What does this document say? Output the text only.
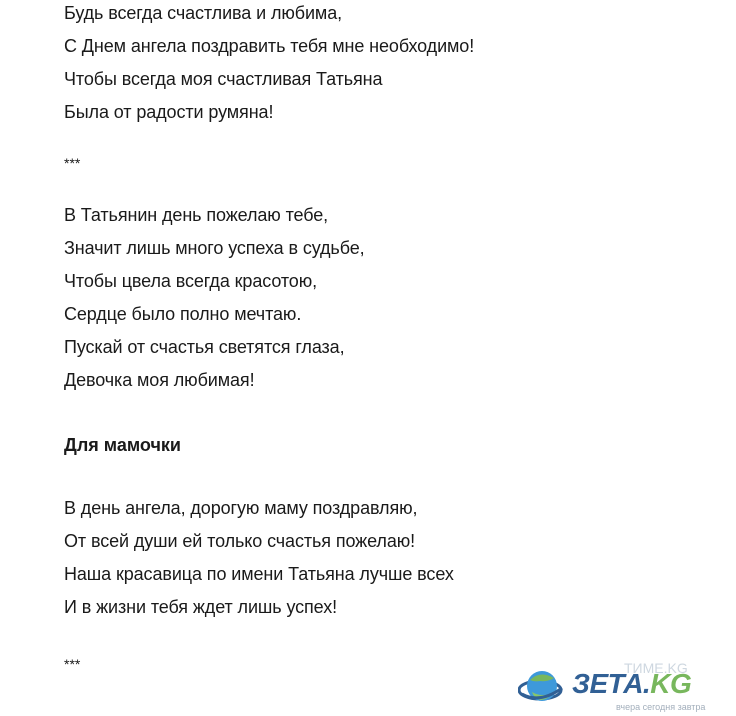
Будь всегда счастлива и любима,
С Днем ангела поздравить тебя мне необходимо!
Чтобы всегда моя счастливая Татьяна
Была от радости румяна!
***
В Татьянин день пожелаю тебе,
Значит лишь много успеха в судьбе,
Чтобы цвела всегда красотою,
Сердце было полно мечтаю.
Пускай от счастья светятся глаза,
Девочка моя любимая!
Для мамочки
В день ангела, дорогую маму поздравляю,
От всей души ей только счастья пожелаю!
Наша красавица по имени Татьяна лучше всех
И в жизни тебя ждет лишь успех!
***	ТИМЕ.KG
ЗЕТА.KG
вчера сегодня завтра
